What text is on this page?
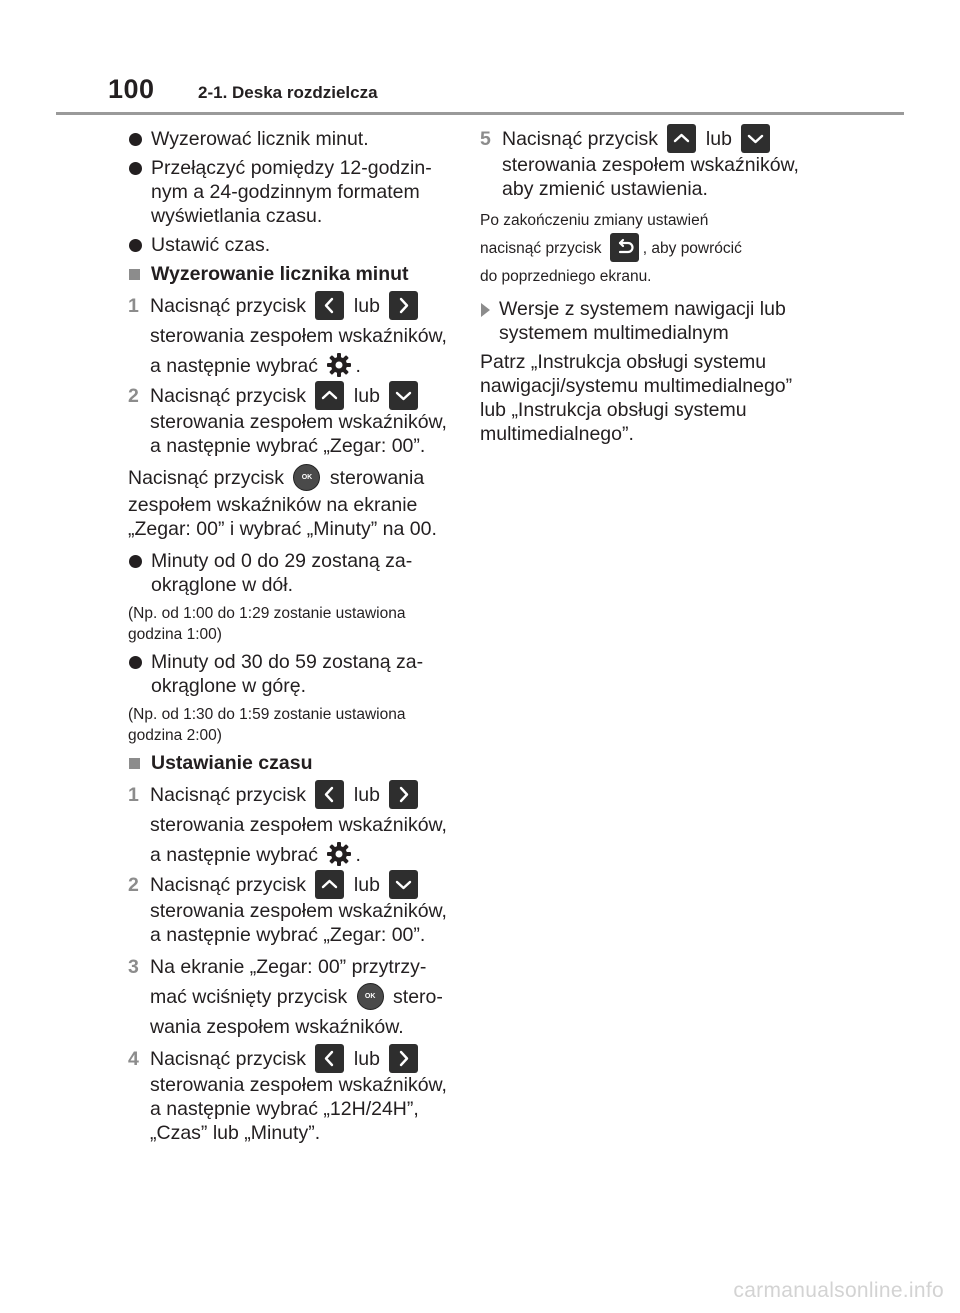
100	2-1. Deska rozdzielcza
Wyzerować licznik minut.
Przełączyć pomiędzy 12-godzin-nym a 24-godzinnym formatem wyświetlania czasu.
Ustawić czas.
Wyzerowanie licznika minut
1 Nacisnąć przycisk lub

sterowania zespołem wskaźników,
a następnie wybrać .
2 Nacisnąć przycisk lub

sterowania zespołem wskaźników, a następnie wybrać „Zegar: 00”.
Nacisnąć przycisk	OK sterowania
zespołem wskaźników na ekranie „Zegar: 00” i wybrać „Minuty” na 00.
Minuty od 0 do 29 zostaną za-okrąglone w dół.
(Np. od 1:00 do 1:29 zostanie ustawiona godzina 1:00)
Minuty od 30 do 59 zostaną za-okrąglone w górę.
(Np. od 1:30 do 1:59 zostanie ustawiona godzina 2:00)
Ustawianie czasu
1 Nacisnąć przycisk lub

sterowania zespołem wskaźników,
a następnie wybrać .
2 Nacisnąć przycisk lub

sterowania zespołem wskaźników, a następnie wybrać „Zegar: 00”.
3 Na ekranie „Zegar: 00” przytrzy-
mać wciśnięty przycisk	OK stero-
wania zespołem wskaźników.
4 Nacisnąć przycisk lub

sterowania zespołem wskaźników, a następnie wybrać „12H/24H”, „Czas” lub „Minuty”.
5 Nacisnąć przycisk lub

sterowania zespołem wskaźników, aby zmienić ustawienia.
Po zakończeniu zmiany ustawień
nacisnąć przycisk	, aby powrócić
do poprzedniego ekranu.
Wersje z systemem nawigacji lub systemem multimedialnym
Patrz „Instrukcja obsługi systemu nawigacji/systemu multimedialnego” lub „Instrukcja obsługi systemu multimedialnego”.
carmanualsonline.info
